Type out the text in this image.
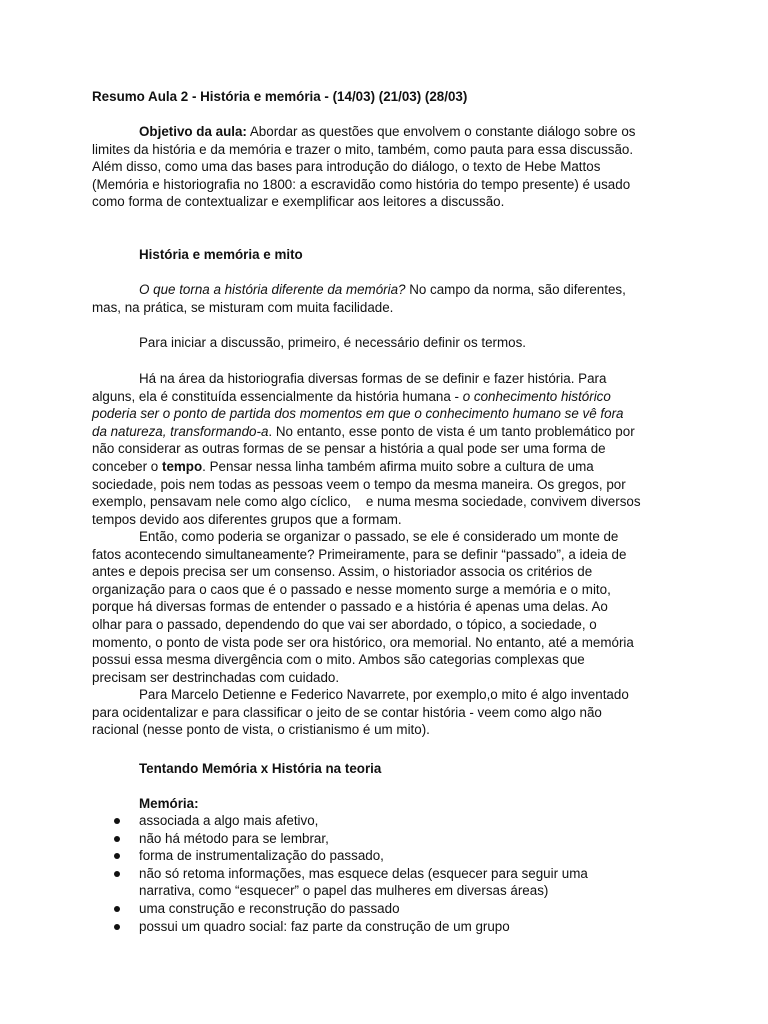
Resumo Aula 2 - História e memória - (14/03) (21/03) (28/03)

Objetivo da aula: Abordar as questões que envolvem o constante diálogo sobre os
limites da história e da memória e trazer o mito, também, como pauta para essa discussão.
Além disso, como uma das bases para introdução do diálogo, o texto de Hebe Mattos
(Memória e historiografia no 1800: a escravidão como história do tempo presente) é usado
como forma de contextualizar e exemplificar aos leitores a discussão.

História e memória e mito

O que torna a história diferente da memória? No campo da norma, são diferentes,
mas, na prática, se misturam com muita facilidade.

Para iniciar a discussão, primeiro, é necessário definir os termos.

Há na área da historiografia diversas formas de se definir e fazer história. Para
alguns, ela é constituída essencialmente da história humana - o conhecimento histórico
poderia ser o ponto de partida dos momentos em que o conhecimento humano se vê fora
da natureza, transformando-a. No entanto, esse ponto de vista é um tanto problemático por
não considerar as outras formas de se pensar a história a qual pode ser uma forma de
conceber o tempo. Pensar nessa linha também afirma muito sobre a cultura de uma
sociedade, pois nem todas as pessoas veem o tempo da mesma maneira. Os gregos, por
exemplo, pensavam nele como algo cíclico,    e numa mesma sociedade, convivem diversos
tempos devido aos diferentes grupos que a formam.

Então, como poderia se organizar o passado, se ele é considerado um monte de
fatos acontecendo simultaneamente? Primeiramente, para se definir “passado”, a ideia de
antes e depois precisa ser um consenso. Assim, o historiador associa os critérios de
organização para o caos que é o passado e nesse momento surge a memória e o mito,
porque há diversas formas de entender o passado e a história é apenas uma delas. Ao
olhar para o passado, dependendo do que vai ser abordado, o tópico, a sociedade, o
momento, o ponto de vista pode ser ora histórico, ora memorial. No entanto, até a memória
possui essa mesma divergência com o mito. Ambos são categorias complexas que
precisam ser destrinchadas com cuidado.

Para Marcelo Detienne e Federico Navarrete, por exemplo,o mito é algo inventado
para ocidentalizar e para classificar o jeito de se contar história - veem como algo não
racional (nesse ponto de vista, o cristianismo é um mito).

Tentando Memória x História na teoria

Memória:

associada a algo mais afetivo,
não há método para se lembrar,
forma de instrumentalização do passado,
não só retoma informações, mas esquece delas (esquecer para seguir uma
narrativa, como “esquecer” o papel das mulheres em diversas áreas)
uma construção e reconstrução do passado
possui um quadro social: faz parte da construção de um grupo
